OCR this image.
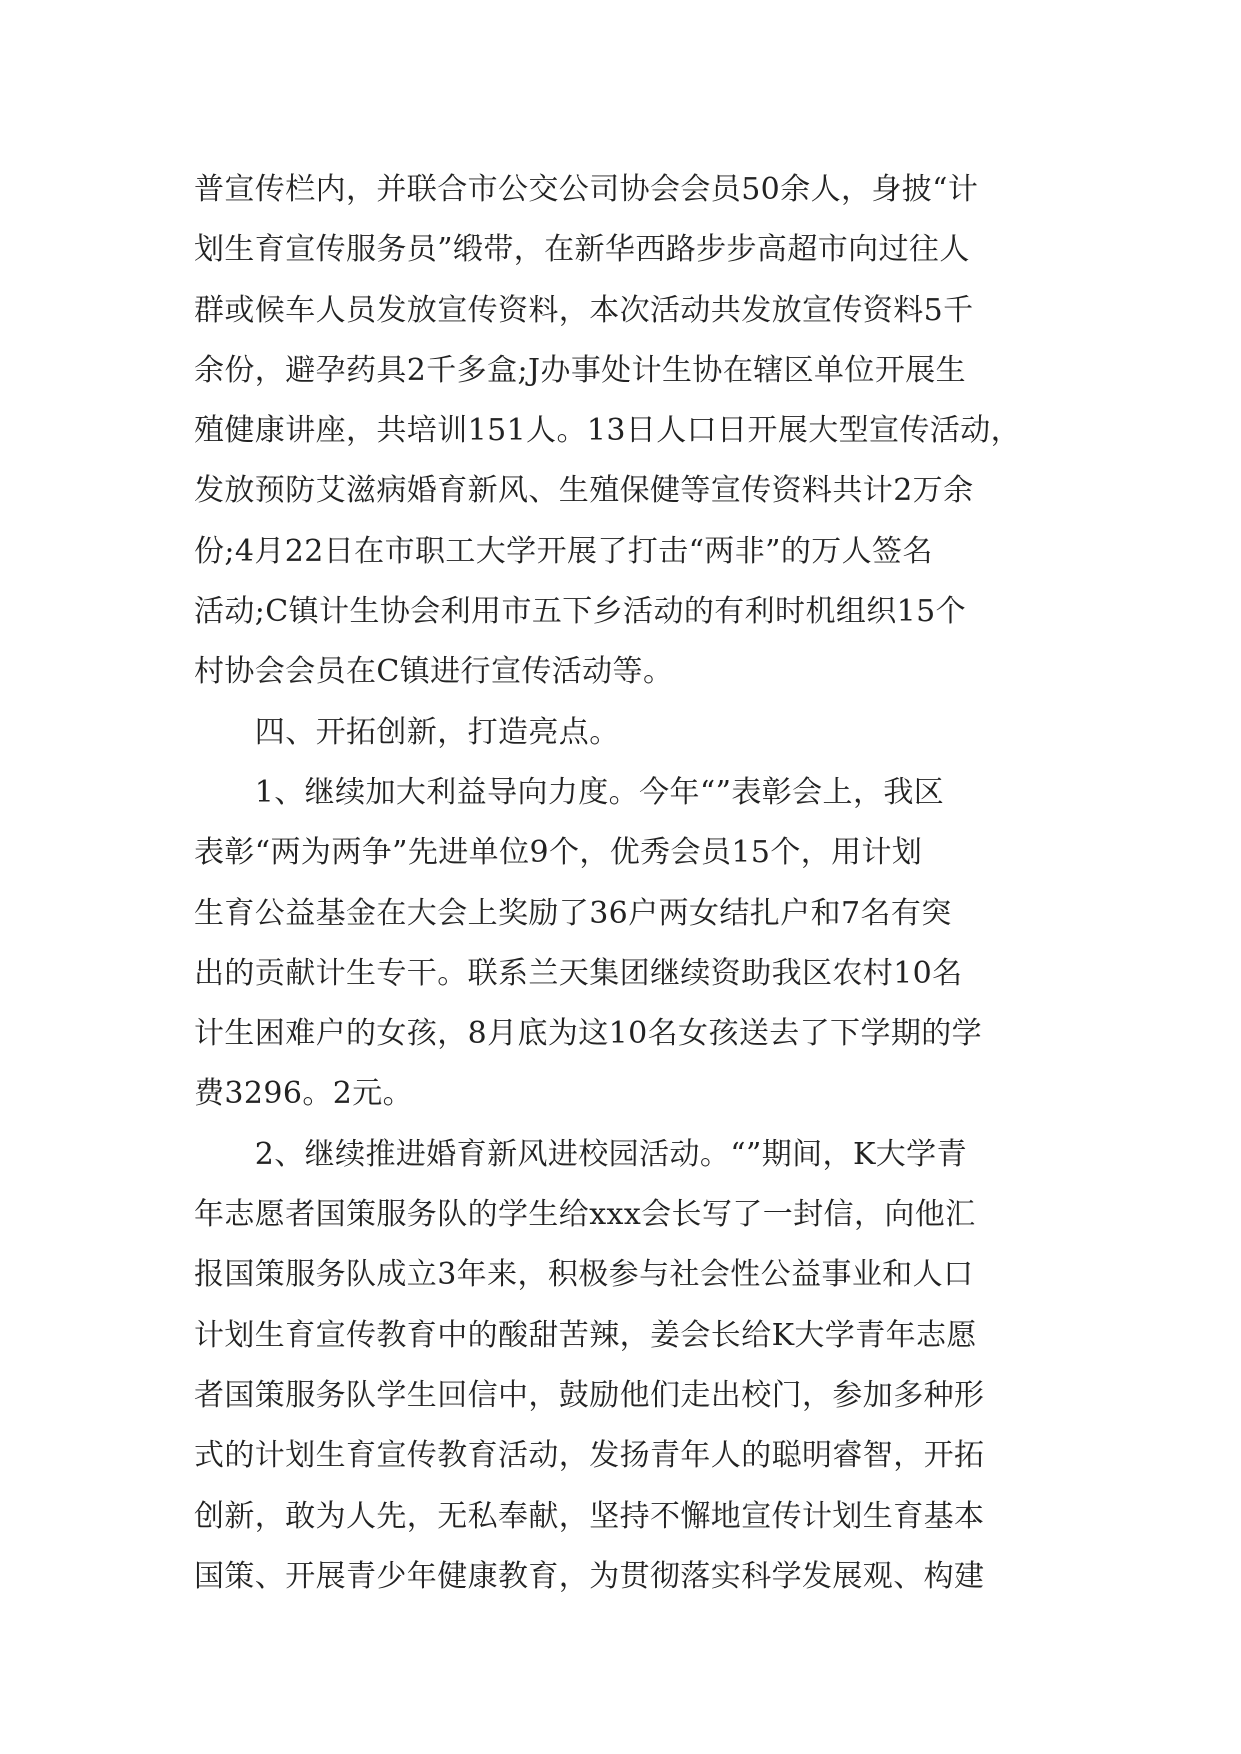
普宣传栏内，并联合市公交公司协会会员50余人，身披“计
划生育宣传服务员”缎带，在新华西路步步高超市向过往人
群或候车人员发放宣传资料，本次活动共发放宣传资料5千
余份，避孕药具2千多盒;J办事处计生协在辖区单位开展生
殖健康讲座，共培训151人。13日人口日开展大型宣传活动，
发放预防艾滋病婚育新风、生殖保健等宣传资料共计2万余
份;4月22日在市职工大学开展了打击“两非”的万人签名
活动;C镇计生协会利用市五下乡活动的有利时机组织15个
村协会会员在C镇进行宣传活动等。
　　四、开拓创新，打造亮点。
　　1、继续加大利益导向力度。今年“”表彰会上，我区
表彰“两为两争”先进单位9个，优秀会员15个，用计划
生育公益基金在大会上奖励了36户两女结扎户和7名有突
出的贡献计生专干。联系兰天集团继续资助我区农村10名
计生困难户的女孩，8月底为这10名女孩送去了下学期的学
费3296。2元。
　　2、继续推进婚育新风进校园活动。“”期间，K大学青
年志愿者国策服务队的学生给xxx会长写了一封信，向他汇
报国策服务队成立3年来，积极参与社会性公益事业和人口
计划生育宣传教育中的酸甜苦辣，姜会长给K大学青年志愿
者国策服务队学生回信中，鼓励他们走出校门，参加多种形
式的计划生育宣传教育活动，发扬青年人的聪明睿智，开拓
创新，敢为人先，无私奉献，坚持不懈地宣传计划生育基本
国策、开展青少年健康教育，为贯彻落实科学发展观、构建
